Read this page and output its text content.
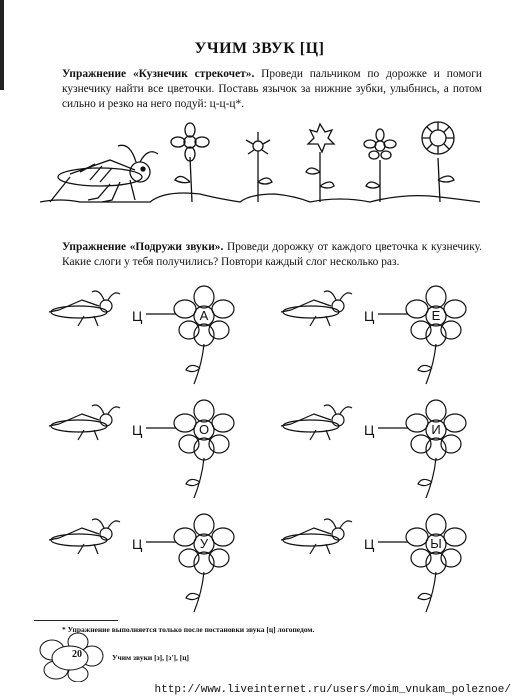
УЧИМ ЗВУК [Ц]
Упражнение «Кузнечик стрекочет». Проведи пальчиком по дорожке и помоги кузнечику найти все цветочки. Поставь язычок за нижние зубки, улыбнись, а потом сильно и резко на него подуй: ц-ц-ц*.
Упражнение «Подружи звуки». Проведи дорожку от каждого цветочка к кузнечику. Какие слоги у тебя получились? Повтори каждый слог несколько раз.
Ц	А	Ц	Е
Ц	О	Ц	И
Ц	У	Ц	Ы
* Упражнение выполняется только после постановки звука [ц] логопедом.
20	Учим звуки [з], [з'], [ц]
http://www.liveinternet.ru/users/moim_vnukam_poleznoe/
